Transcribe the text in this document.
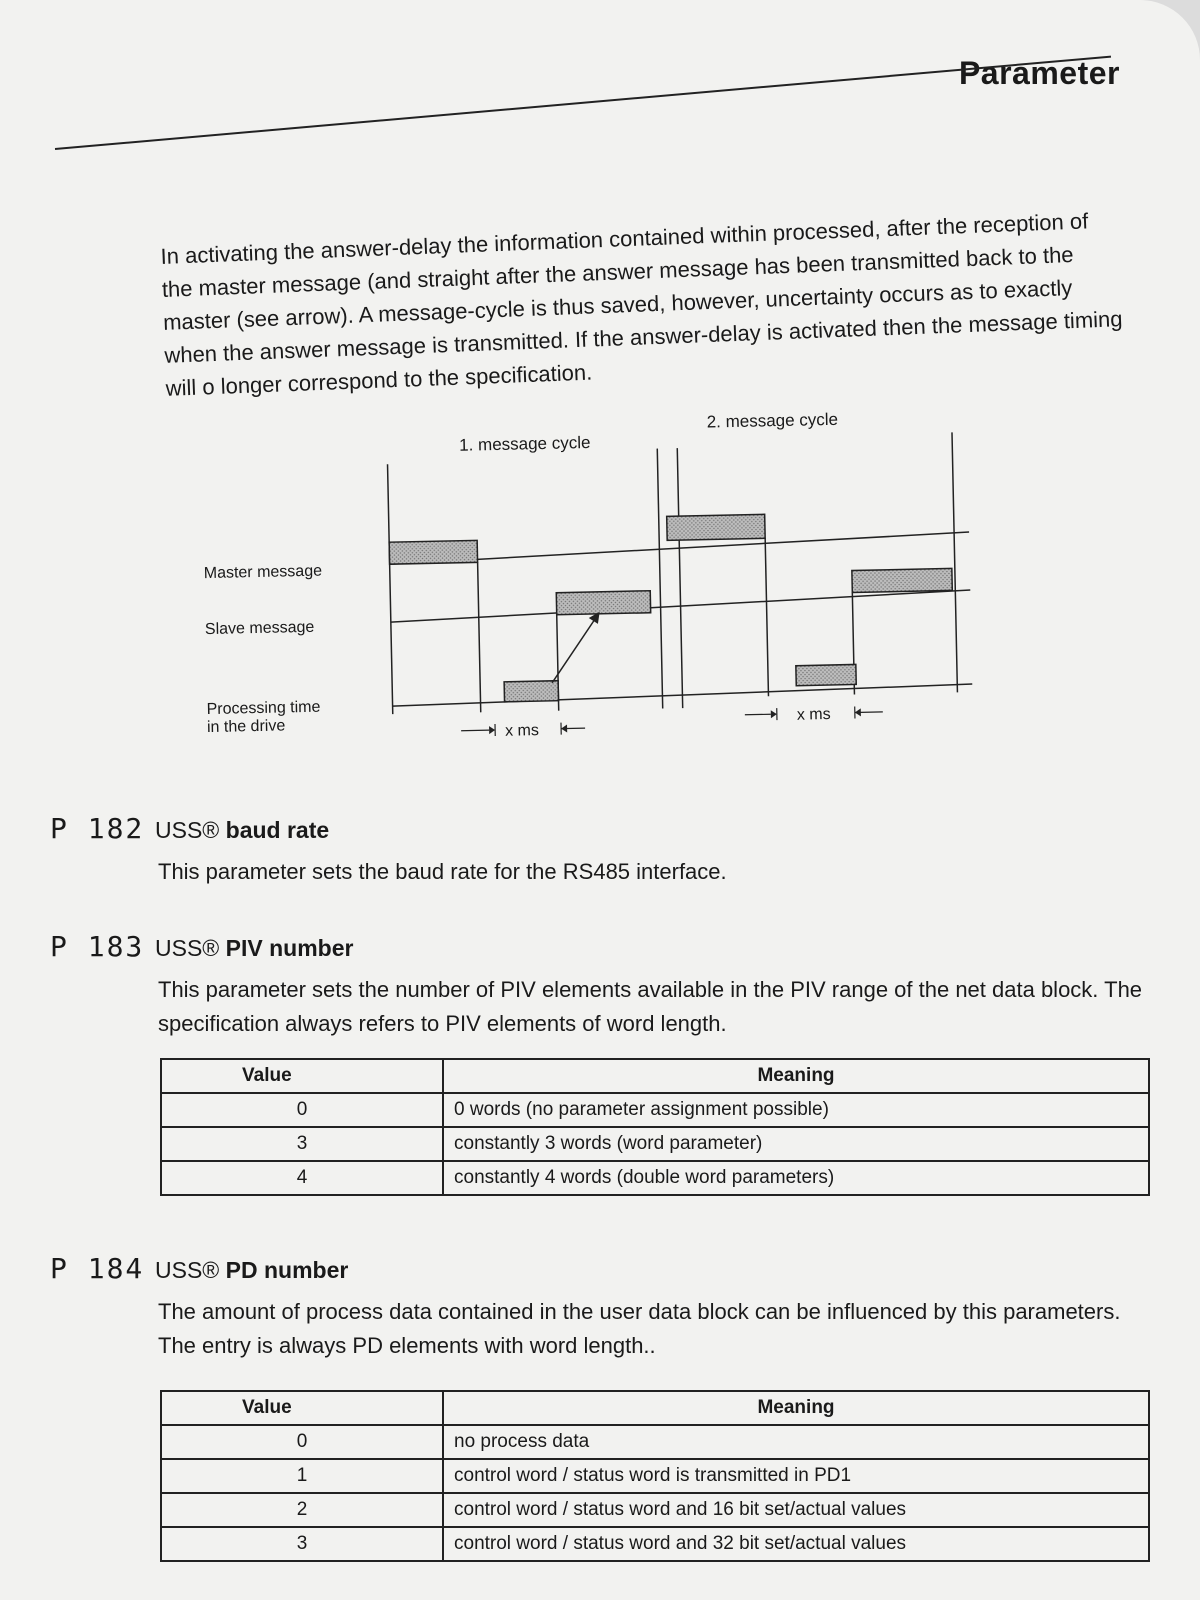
Parameter

In activating the answer-delay the information contained within processed, after the reception of the master message (and straight after the answer message has been transmitted back to the master (see arrow). A message-cycle is thus saved, however, uncertainty occurs as to exactly when the answer message is transmitted. If the answer-delay is activated then the message timing will o longer correspond to the specification.

1. message cycle
2. message cycle
Master message
Slave message
Processing time
in the drive	x ms
x ms
P 182 USS® baud rate
This parameter sets the baud rate for the RS485 interface.
P 183 USS® PIV number
This parameter sets the number of PIV elements available in the PIV range of the net data block. The specification always refers to PIV elements of word length.
Value	Meaning
0	0 words (no parameter assignment possible)
3	constantly 3 words (word parameter)
4	constantly 4 words (double word parameters)
P 184 USS® PD number
The amount of process data contained in the user data block can be influenced by this parameters. The entry is always PD elements with word length..
Value	Meaning
0	no process data
1	control word / status word is transmitted in PD1
2	control word / status word and 16 bit set/actual values
3	control word / status word and 32 bit set/actual values
